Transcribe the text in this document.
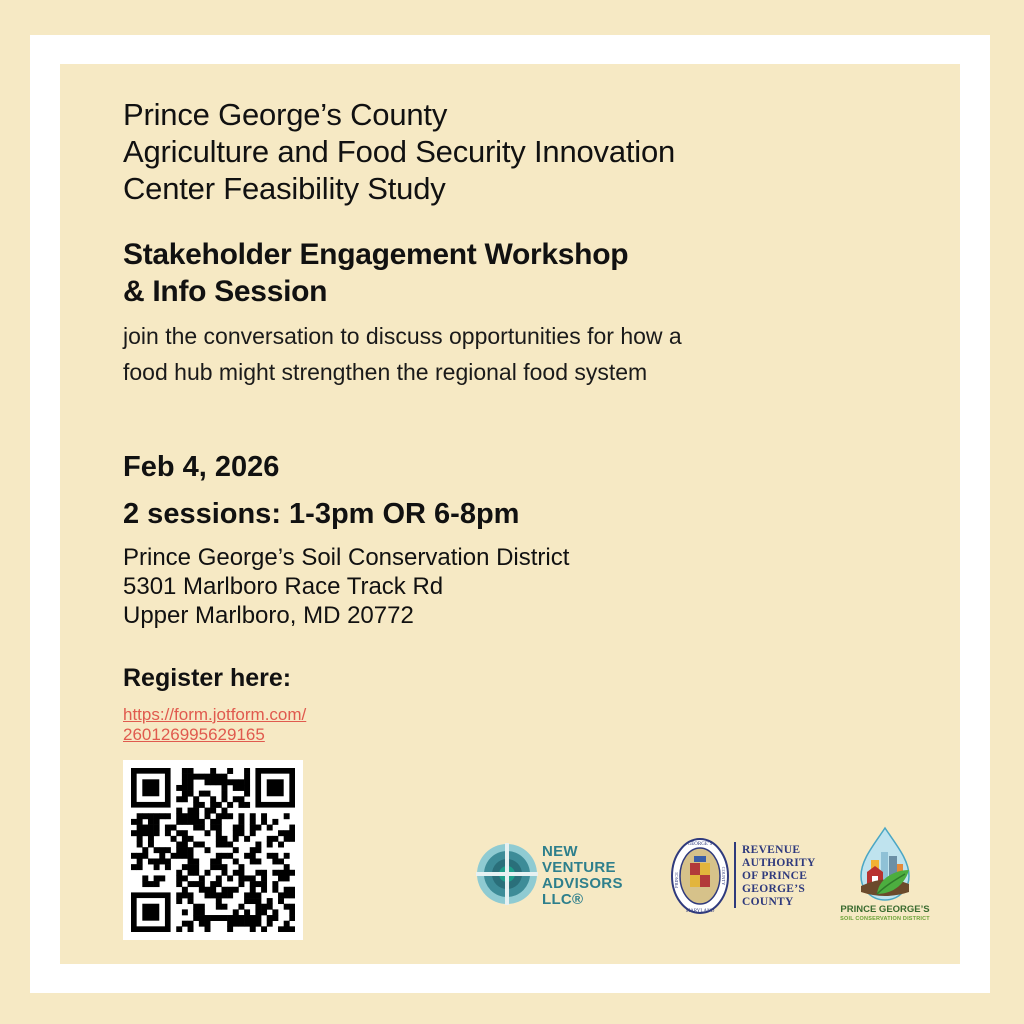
Prince George’s County
Agriculture and Food Security Innovation
Center Feasibility Study
Stakeholder Engagement Workshop
& Info Session
join the conversation to discuss opportunities for how a
food hub might strengthen the regional food system
Feb 4, 2026
2 sessions: 1-3pm OR 6-8pm
Prince George’s Soil Conservation District
5301 Marlboro Race Track Rd
Upper Marlboro, MD 20772
Register here:
https://form.jotform.com/
260126995629165
NEW
VENTURE
ADVISORS LLC®
GEORGE’S
MARYLAND
PRINCE	COUNTY
REVENUE
AUTHORITY
OF PRINCE
GEORGE’S
COUNTY
PRINCE GEORGE’S
SOIL CONSERVATION DISTRICT
